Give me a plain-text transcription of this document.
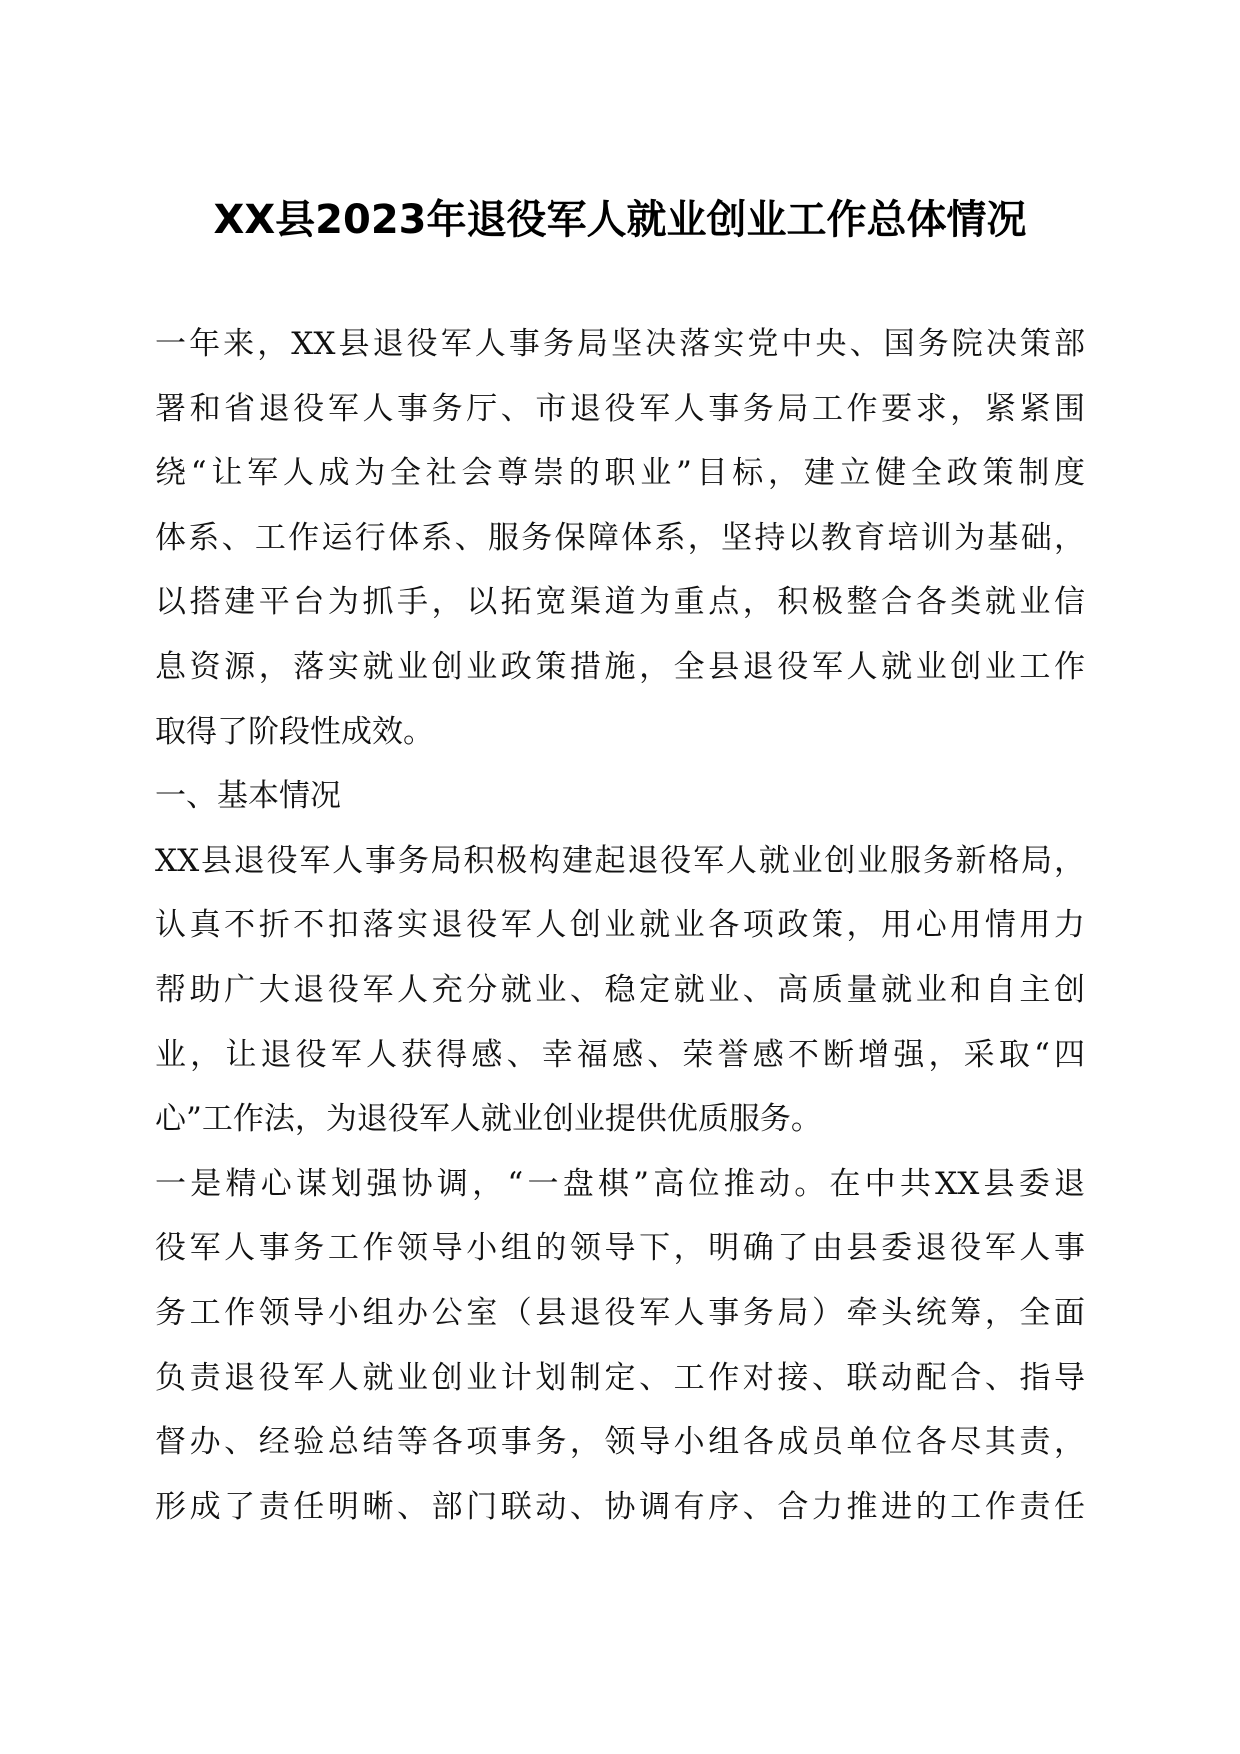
XX县2023年退役军人就业创业工作总体情况
一年来，XX县退役军人事务局坚决落实党中央、国务院决策部
署和省退役军人事务厅、市退役军人事务局工作要求，紧紧围
绕“让军人成为全社会尊崇的职业”目标，建立健全政策制度
体系、工作运行体系、服务保障体系，坚持以教育培训为基础，
以搭建平台为抓手，以拓宽渠道为重点，积极整合各类就业信
息资源，落实就业创业政策措施，全县退役军人就业创业工作
取得了阶段性成效。
一、基本情况
XX县退役军人事务局积极构建起退役军人就业创业服务新格局，
认真不折不扣落实退役军人创业就业各项政策，用心用情用力
帮助广大退役军人充分就业、稳定就业、高质量就业和自主创
业，让退役军人获得感、幸福感、荣誉感不断增强，采取“四
心”工作法，为退役军人就业创业提供优质服务。
一是精心谋划强协调，“一盘棋”高位推动。在中共XX县委退
役军人事务工作领导小组的领导下，明确了由县委退役军人事
务工作领导小组办公室（县退役军人事务局）牵头统筹，全面
负责退役军人就业创业计划制定、工作对接、联动配合、指导
督办、经验总结等各项事务，领导小组各成员单位各尽其责，
形成了责任明晰、部门联动、协调有序、合力推进的工作责任
